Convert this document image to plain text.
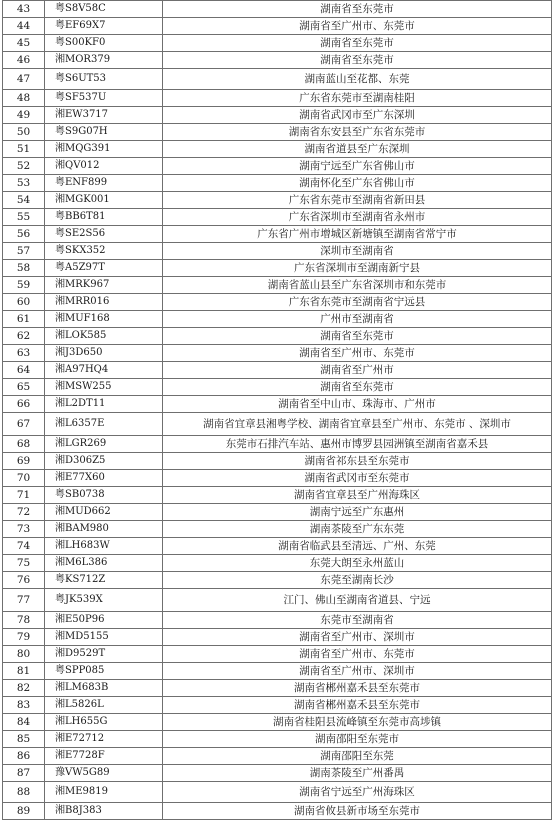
43	粤S8V58C	湖南省至东莞市
44	粤EF69X7	湖南省至广州市、东莞市
45	粤S00KF0	湖南省至东莞市
46	湘MOR379	湖南省至东莞市
47	粤S6UT53	湖南蓝山至花都、东莞
48	粤SF537U	广东省东莞市至湖南桂阳
49	湘EW3717	湖南省武冈市至广东深圳
50	粤S9G07H	湖南省东安县至广东省东莞市
51	湘MQG391	湖南省道县至广东深圳
52	湘QV012	湖南宁远至广东省佛山市
53	粤ENF899	湖南怀化至广东省佛山市
54	湘MGK001	广东省东莞市至湖南省新田县
55	粤BB6T81	广东省深圳市至湖南省永州市
56	粤SE2S56	广东省广州市增城区新塘镇至湖南省常宁市
57	粤SKX352	深圳市至湖南省
58	粤A5Z97T	广东省深圳市至湖南新宁县
59	湘MRK967	湖南省蓝山县至广东省深圳市和东莞市
60	湘MRR016	广东省东莞市至湖南省宁远县
61	湘MUF168	广州市至湖南省
62	湘LOK585	湖南省至东莞市
63	湘J3D650	湖南省至广州市、东莞市
64	湘A97HQ4	湖南省至广州市
65	湘MSW255	湖南省至东莞市
66	湘L2DT11	湖南省至中山市、珠海市、广州市
67	湘L6357E	湖南省宜章县湘粤学校、湖南省宜章县至广州市、东莞市 、深圳市
68	湘LGR269	东莞市石排汽车站、惠州市博罗县园洲镇至湖南省嘉禾县
69	湘D306Z5	湖南省祁东县至东莞市
70	湘E77X60	湖南省武冈市至东莞市
71	粤SB0738	湖南省宜章县至广州海珠区
72	湘MUD662	湖南宁远至广东惠州
73	湘BAM980	湖南茶陵至广东东莞
74	湘LH683W	湖南省临武县至清远、广州、东莞
75	湘M6L386	东莞大朗至永州蓝山
76	粤KS712Z	东莞至湖南长沙
77	粤JK539X	江门、佛山至湖南省道县、宁远
78	湘E50P96	东莞市至湖南省
79	湘MD5155	湖南省至广州市、深圳市
80	湘D9529T	湖南省至广州市、东莞市
81	粤SPP085	湖南省至广州市、深圳市
82	湘LM683B	湖南省郴州嘉禾县至东莞市
83	湘L5826L	湖南省郴州嘉禾县至东莞市
84	湘LH655G	湖南省桂阳县流峰镇至东莞市高埗镇
85	湘E72712	湖南邵阳至东莞市
86	湘E7728F	湖南邵阳至东莞
87	豫VW5G89	湖南茶陵至广州番禺
88	湘ME9819	湖南省宁远至广州海珠区
89	湘B8J383	湖南省攸县新市场至东莞市
